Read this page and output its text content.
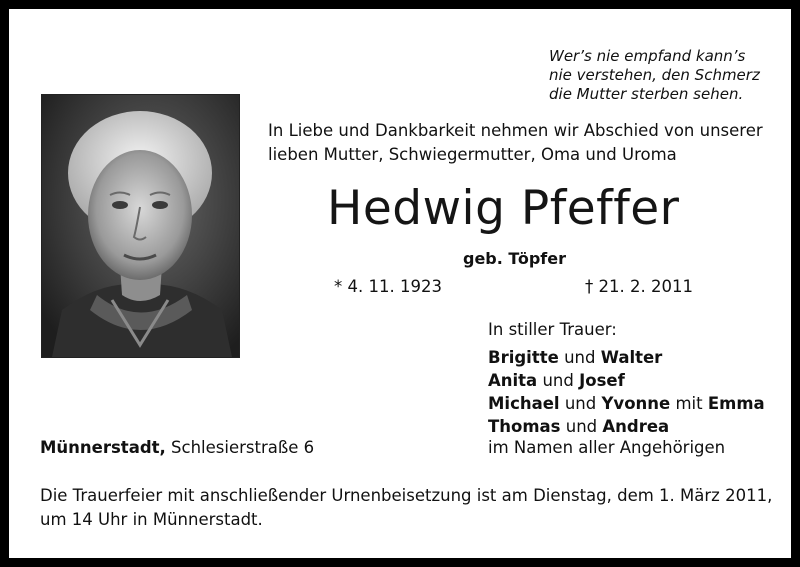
Wer’s nie empfand kann’s
nie verstehen, den Schmerz
die Mutter sterben sehen.
In Liebe und Dankbarkeit nehmen wir Abschied von unserer
lieben Mutter, Schwiegermutter, Oma und Uroma
Hedwig Pfeffer
geb. Töpfer
* 4. 11. 1923	† 21. 2. 2011
In stiller Trauer:
Brigitte und Walter
Anita und Josef
Michael und Yvonne mit Emma
Thomas und Andrea
im Namen aller Angehörigen
Münnerstadt, Schlesierstraße 6
Die Trauerfeier mit anschließender Urnenbeisetzung ist am Dienstag, dem 1. März 2011,
um 14 Uhr in Münnerstadt.
